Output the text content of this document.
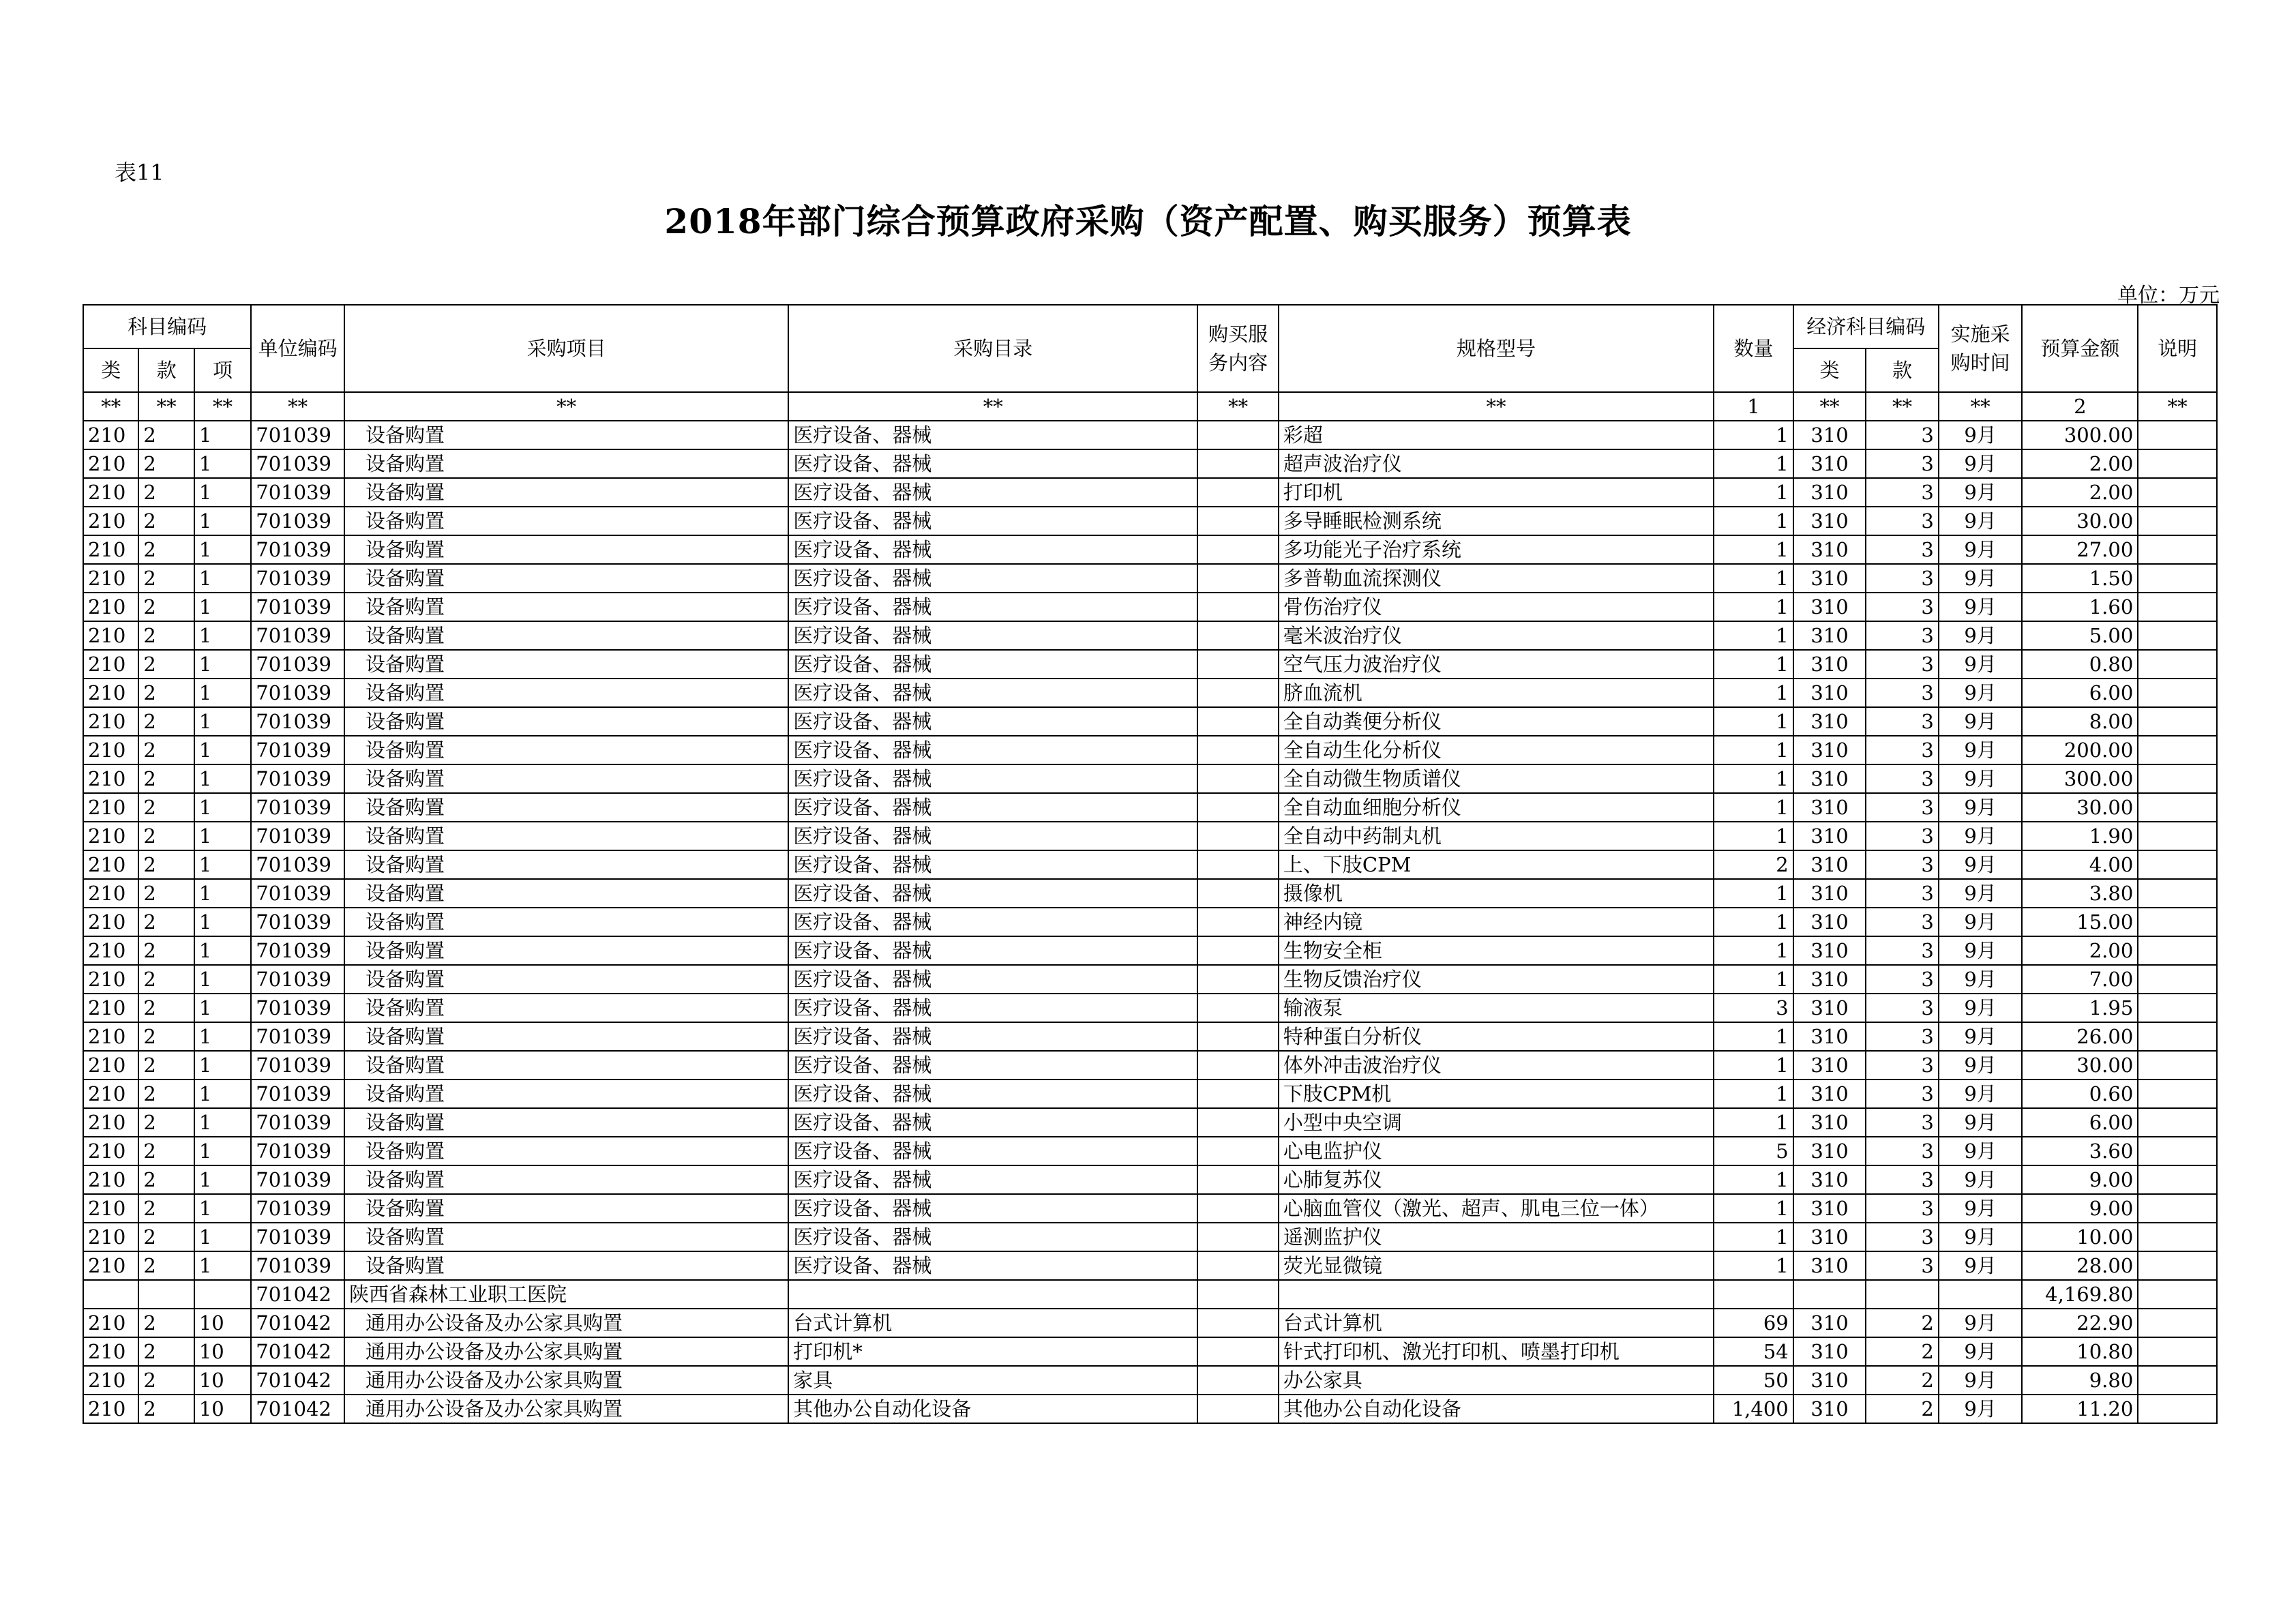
表11
2018年部门综合预算政府采购（资产配置、购买服务）预算表
单位：万元
科目编码			单位编码	采购项目	采购目录	购买服务内容	规格型号	数量	经济科目编码		实施采购时间	预算金额	说明
类	款	项							类	款			
**	**	**	**	**	**	**	**	1	**	**	**	2	**
210	2	1	701039	设备购置	医疗设备、器械		彩超	1	310	3	9月	300.00	
210	2	1	701039	设备购置	医疗设备、器械		超声波治疗仪	1	310	3	9月	2.00	
210	2	1	701039	设备购置	医疗设备、器械		打印机	1	310	3	9月	2.00	
210	2	1	701039	设备购置	医疗设备、器械		多导睡眠检测系统	1	310	3	9月	30.00	
210	2	1	701039	设备购置	医疗设备、器械		多功能光子治疗系统	1	310	3	9月	27.00	
210	2	1	701039	设备购置	医疗设备、器械		多普勒血流探测仪	1	310	3	9月	1.50	
210	2	1	701039	设备购置	医疗设备、器械		骨伤治疗仪	1	310	3	9月	1.60	
210	2	1	701039	设备购置	医疗设备、器械		毫米波治疗仪	1	310	3	9月	5.00	
210	2	1	701039	设备购置	医疗设备、器械		空气压力波治疗仪	1	310	3	9月	0.80	
210	2	1	701039	设备购置	医疗设备、器械		脐血流机	1	310	3	9月	6.00	
210	2	1	701039	设备购置	医疗设备、器械		全自动粪便分析仪	1	310	3	9月	8.00	
210	2	1	701039	设备购置	医疗设备、器械		全自动生化分析仪	1	310	3	9月	200.00	
210	2	1	701039	设备购置	医疗设备、器械		全自动微生物质谱仪	1	310	3	9月	300.00	
210	2	1	701039	设备购置	医疗设备、器械		全自动血细胞分析仪	1	310	3	9月	30.00	
210	2	1	701039	设备购置	医疗设备、器械		全自动中药制丸机	1	310	3	9月	1.90	
210	2	1	701039	设备购置	医疗设备、器械		上、下肢CPM	2	310	3	9月	4.00	
210	2	1	701039	设备购置	医疗设备、器械		摄像机	1	310	3	9月	3.80	
210	2	1	701039	设备购置	医疗设备、器械		神经内镜	1	310	3	9月	15.00	
210	2	1	701039	设备购置	医疗设备、器械		生物安全柜	1	310	3	9月	2.00	
210	2	1	701039	设备购置	医疗设备、器械		生物反馈治疗仪	1	310	3	9月	7.00	
210	2	1	701039	设备购置	医疗设备、器械		输液泵	3	310	3	9月	1.95	
210	2	1	701039	设备购置	医疗设备、器械		特种蛋白分析仪	1	310	3	9月	26.00	
210	2	1	701039	设备购置	医疗设备、器械		体外冲击波治疗仪	1	310	3	9月	30.00	
210	2	1	701039	设备购置	医疗设备、器械		下肢CPM机	1	310	3	9月	0.60	
210	2	1	701039	设备购置	医疗设备、器械		小型中央空调	1	310	3	9月	6.00	
210	2	1	701039	设备购置	医疗设备、器械		心电监护仪	5	310	3	9月	3.60	
210	2	1	701039	设备购置	医疗设备、器械		心肺复苏仪	1	310	3	9月	9.00	
210	2	1	701039	设备购置	医疗设备、器械		心脑血管仪（激光、超声、肌电三位一体）	1	310	3	9月	9.00	
210	2	1	701039	设备购置	医疗设备、器械		遥测监护仪	1	310	3	9月	10.00	
210	2	1	701039	设备购置	医疗设备、器械		荧光显微镜	1	310	3	9月	28.00	
			701042	陕西省森林工业职工医院								4,169.80	
210	2	10	701042	通用办公设备及办公家具购置	台式计算机		台式计算机	69	310	2	9月	22.90	
210	2	10	701042	通用办公设备及办公家具购置	打印机*		针式打印机、激光打印机、喷墨打印机	54	310	2	9月	10.80	
210	2	10	701042	通用办公设备及办公家具购置	家具		办公家具	50	310	2	9月	9.80	
210	2	10	701042	通用办公设备及办公家具购置	其他办公自动化设备		其他办公自动化设备	1,400	310	2	9月	11.20	
